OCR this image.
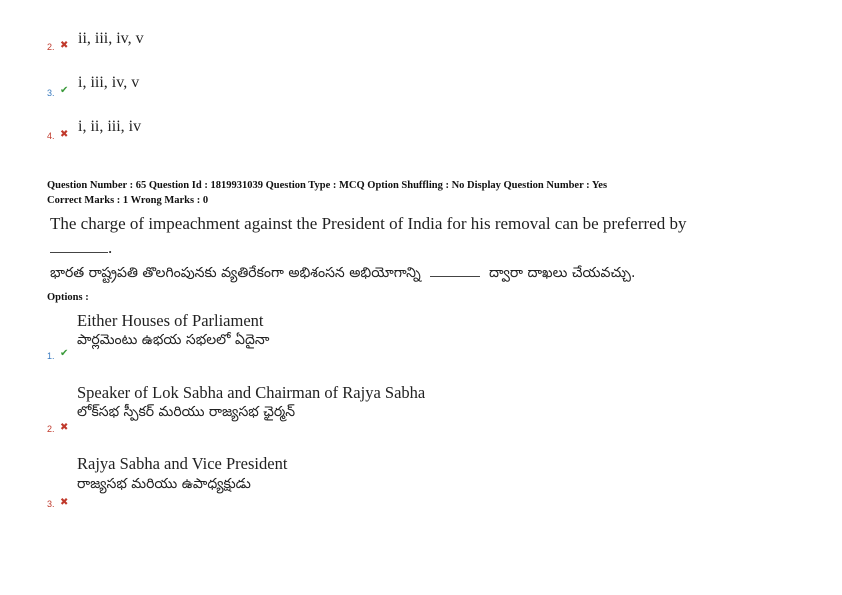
2. ✖ ii, iii, iv, v
3. ✔ i, iii, iv, v
4. ✖ i, ii, iii, iv
Question Number : 65 Question Id : 1819931039 Question Type : MCQ Option Shuffling : No Display Question Number : Yes
Correct Marks : 1 Wrong Marks : 0
The charge of impeachment against the President of India for his removal can be preferred by
.
భారత రాష్ట్రపతి తొలగింపునకు వ్యతిరేకంగా అభిశంసన అభియోగాన్ని	ద్వారా దాఖలు చేయవచ్చు.
Options :
Either Houses of Parliament
పార్లమెంటు ఉభయ సభలలో ఏదైనా
1. ✔
Speaker of Lok Sabha and Chairman of Rajya Sabha
లోక్‌సభ స్పీకర్ మరియు రాజ్యసభ ఛైర్మన్
2. ✖
Rajya Sabha and Vice President
రాజ్యసభ మరియు ఉపాధ్యక్షుడు
3. ✖
